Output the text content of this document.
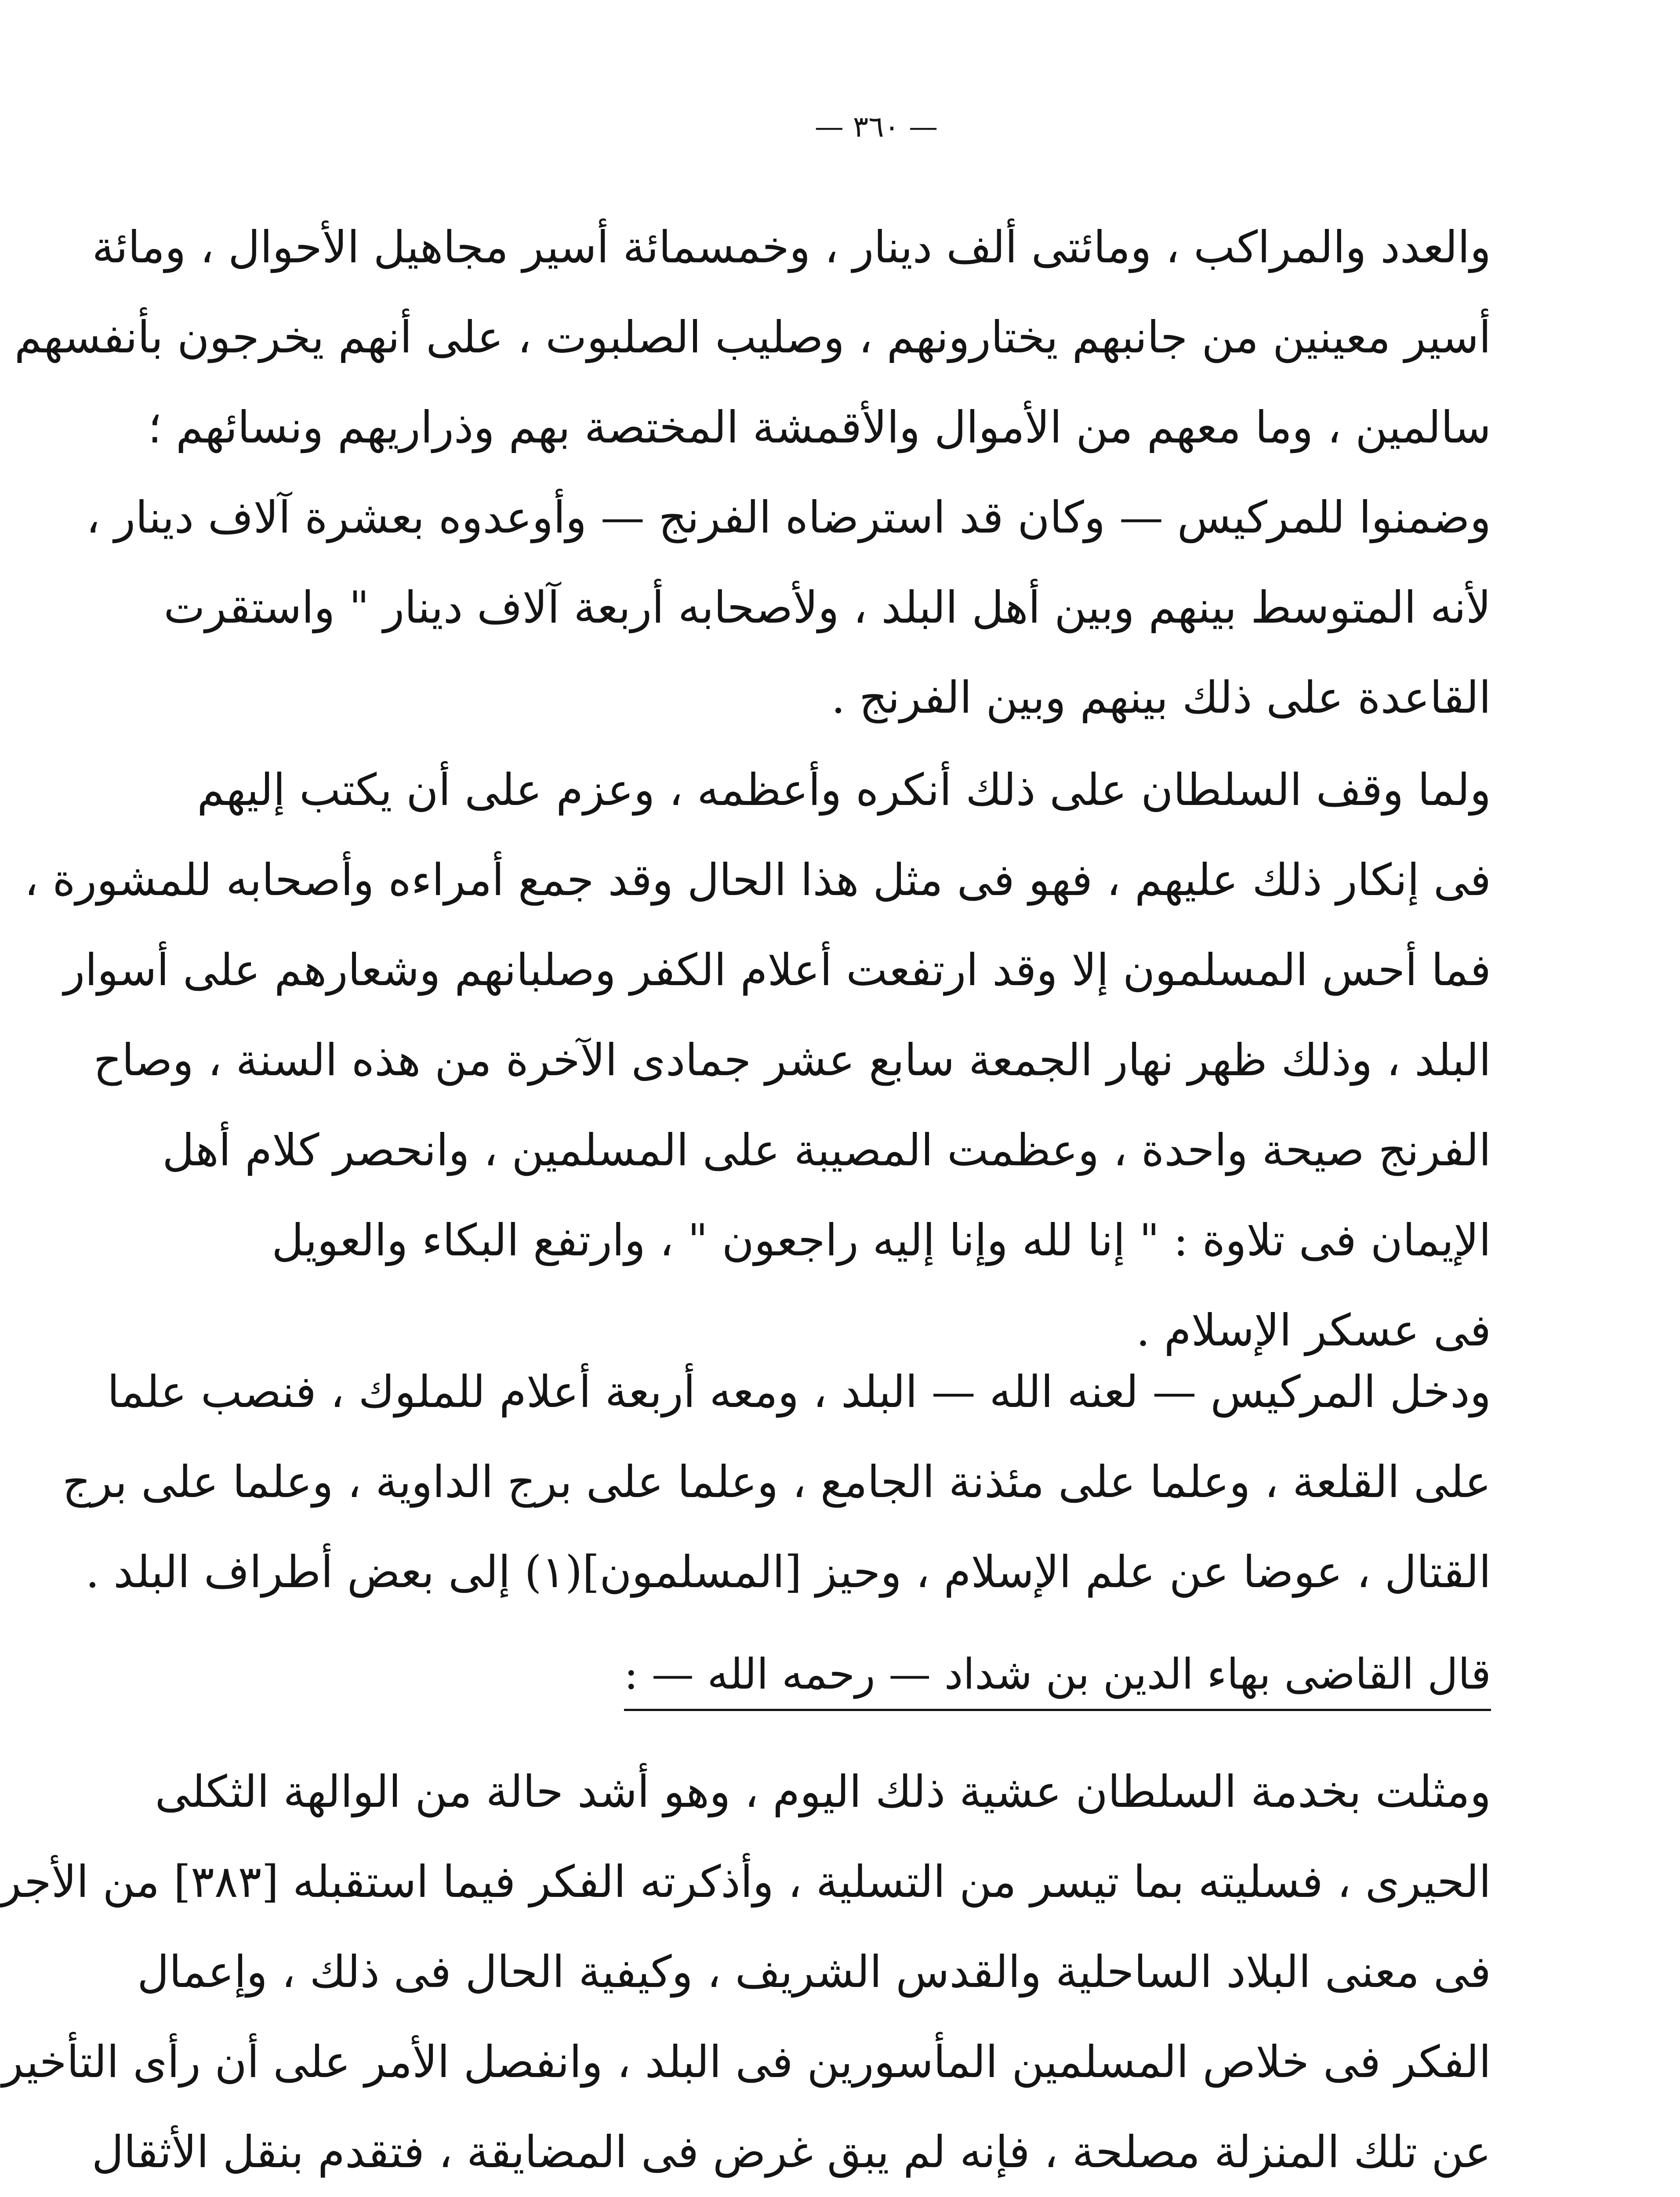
— ٣٦٠ —
والعدد والمراكب ، ومائتى ألف دينار ، وخمسمائة أسير مجاهيل الأحوال ، ومائة
أسير معينين من جانبهم يختارونهم ، وصليب الصلبوت ، على أنهم يخرجون بأنفسهم
سالمين ، وما معهم من الأموال والأقمشة المختصة بهم وذراريهم ونسائهم ؛
وضمنوا للمركيس — وكان قد استرضاه الفرنج — وأوعدوه بعشرة آلاف دينار ،
لأنه المتوسط بينهم وبين أهل البلد ، ولأصحابه أربعة آلاف دينار " واستقرت
القاعدة على ذلك بينهم وبين الفرنج .
ولما وقف السلطان على ذلك أنكره وأعظمه ، وعزم على أن يكتب إليهم
فى إنكار ذلك عليهم ، فهو فى مثل هذا الحال وقد جمع أمراءه وأصحابه للمشورة ،
فما أحس المسلمون إلا وقد ارتفعت أعلام الكفر وصلبانهم وشعارهم على أسوار
البلد ، وذلك ظهر نهار الجمعة سابع عشر جمادى الآخرة من هذه السنة ، وصاح
الفرنج صيحة واحدة ، وعظمت المصيبة على المسلمين ، وانحصر كلام أهل
الإيمان فى تلاوة : " إنا لله وإنا إليه راجعون " ، وارتفع البكاء والعويل
فى عسكر الإسلام .
ودخل المركيس — لعنه الله — البلد ، ومعه أربعة أعلام للملوك ، فنصب علما
على القلعة ، وعلما على مئذنة الجامع ، وعلما على برج الداوية ، وعلما على برج
القتال ، عوضا عن علم الإسلام ، وحيز [المسلمون](١) إلى بعض أطراف البلد .
قال القاضى بهاء الدين بن شداد — رحمه الله — :
ومثلت بخدمة السلطان عشية ذلك اليوم ، وهو أشد حالة من الوالهة الثكلى
الحيرى ، فسليته بما تيسر من التسلية ، وأذكرته الفكر فيما استقبله [٣٨٣] من الأجر
فى معنى البلاد الساحلية والقدس الشريف ، وكيفية الحال فى ذلك ، وإعمال
الفكر فى خلاص المسلمين المأسورين فى البلد ، وانفصل الأمر على أن رأى التأخير
عن تلك المنزلة مصلحة ، فإنه لم يبق غرض فى المضايقة ، فتقدم بنقل الأثقال
